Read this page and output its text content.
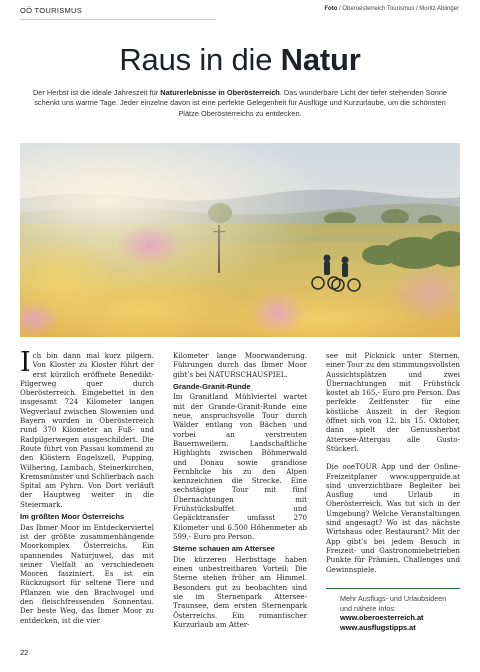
OÖ TOURISMUS	Foto / Oberoesterreich Tourismus / Moritz Ablinger
Raus in die Natur
Der Herbst ist die ideale Jahreszeit für Naturerlebnisse in Oberösterreich. Das wunderbare Licht der tiefer stehenden Sonne schenkt uns warme Tage. Jeder einzelne davon ist eine perfekte Gelegenheit für Ausflüge und Kurzurlaube, um die schönsten Plätze Oberösterreichs zu entdecken.

Ich bin dann mal kurz pilgern. Von Kloster zu Kloster führt der erst kürzlich eröffnete Benedikt-Pilgerweg quer durch Oberösterreich. Eingebettet in den insgesamt 724 Kilometer langen Wegverlauf zwischen Slowenien und Bayern wurden in Oberösterreich rund 370 Kilometer an Fuß- und Radpilgerwegen ausgeschildert. Die Route führt von Passau kommend zu den Klöstern Engelszell, Pupping, Wilhering, Lambach, Steinerkirchen, Kremsmünster und Schlierbach nach Spital am Pyhrn. Von Dort verläuft der Hauptweg weiter in die Steiermark.

Im größten Moor Österreichs

Das Ibmer Moor im Entdeckerviertel ist der größte zusammenhängende Moorkomplex Österreichs. Ein spannendes Naturjuwel, das mit seiner Vielfalt an verschiedenen Mooren fasziniert. Es ist ein Rückzugsort für seltene Tiere und Pflanzen wie den Brachvogel und den fleischfressenden Sonnentau. Der beste Weg, das Ibmer Moor zu entdecken, ist die vier

Kilometer lange Moorwanderung. Führungen durch das Ibmer Moor gibt’s bei NATURSCHAUSPIEL.

Grande-Granit-Runde

Im Granitland Mühlviertel wartet mit der Grande-Granit-Runde eine neue, anspruchsvolle Tour durch Wälder entlang von Bächen und vorbei an verstreuten Bauernweilern. Landschaftliche Highlights zwischen Böhmerwald und Donau sowie grandiose Fernblicke bis zu den Alpen kennzeichnen die Strecke. Eine sechstägige Tour mit fünf Übernachtungen mit Frühstücksbuffet und Gepäcktransfer umfasst 270 Kilometer und 6.500 Höhenmeter ab 599,- Euro pro Person.

Sterne schauen am Attersee

Die kürzeren Herbsttage haben einen unbestreitbaren Vorteil: Die Sterne stehen früher am Himmel. Besonders gut zu beobachten sind sie im Sternenpark Attersee-Traunsee, dem ersten Sternenpark Österreichs. Ein romantischer Kurzurlaub am Atter-

see mit Picknick unter Sternen, einer Tour zu den stimmungsvollsten Aussichtsplätzen und zwei Übernachtungen mit Frühstück kostet ab 165,- Euro pro Person. Das perfekte Zeitfenster für eine köstliche Auszeit in der Region öffnet sich von 12. bis 15. Oktober, dann spielt der Genussherbst Attersee-Attergau alle Gusto-Stückerl.

Die ooeTOUR App und der Online-Freizeitplaner www.upperguide.at sind unverzichtbare Begleiter bei Ausflug und Urlaub in Oberösterreich. Was tut sich in der Umgebung? Welche Veranstaltungen sind angesagt? Wo ist das nächste Wirtshaus oder Restaurant? Mit der App gibt’s bei jedem Besuch in Freizeit- und Gastronomiebetrieben Punkte für Prämien, Challenges und Gewinnspiele.

Mehr Ausflugs- und Urlaubsideen und nähere Infos:
www.oberoesterreich.at
www.ausflugstipps.at
22
